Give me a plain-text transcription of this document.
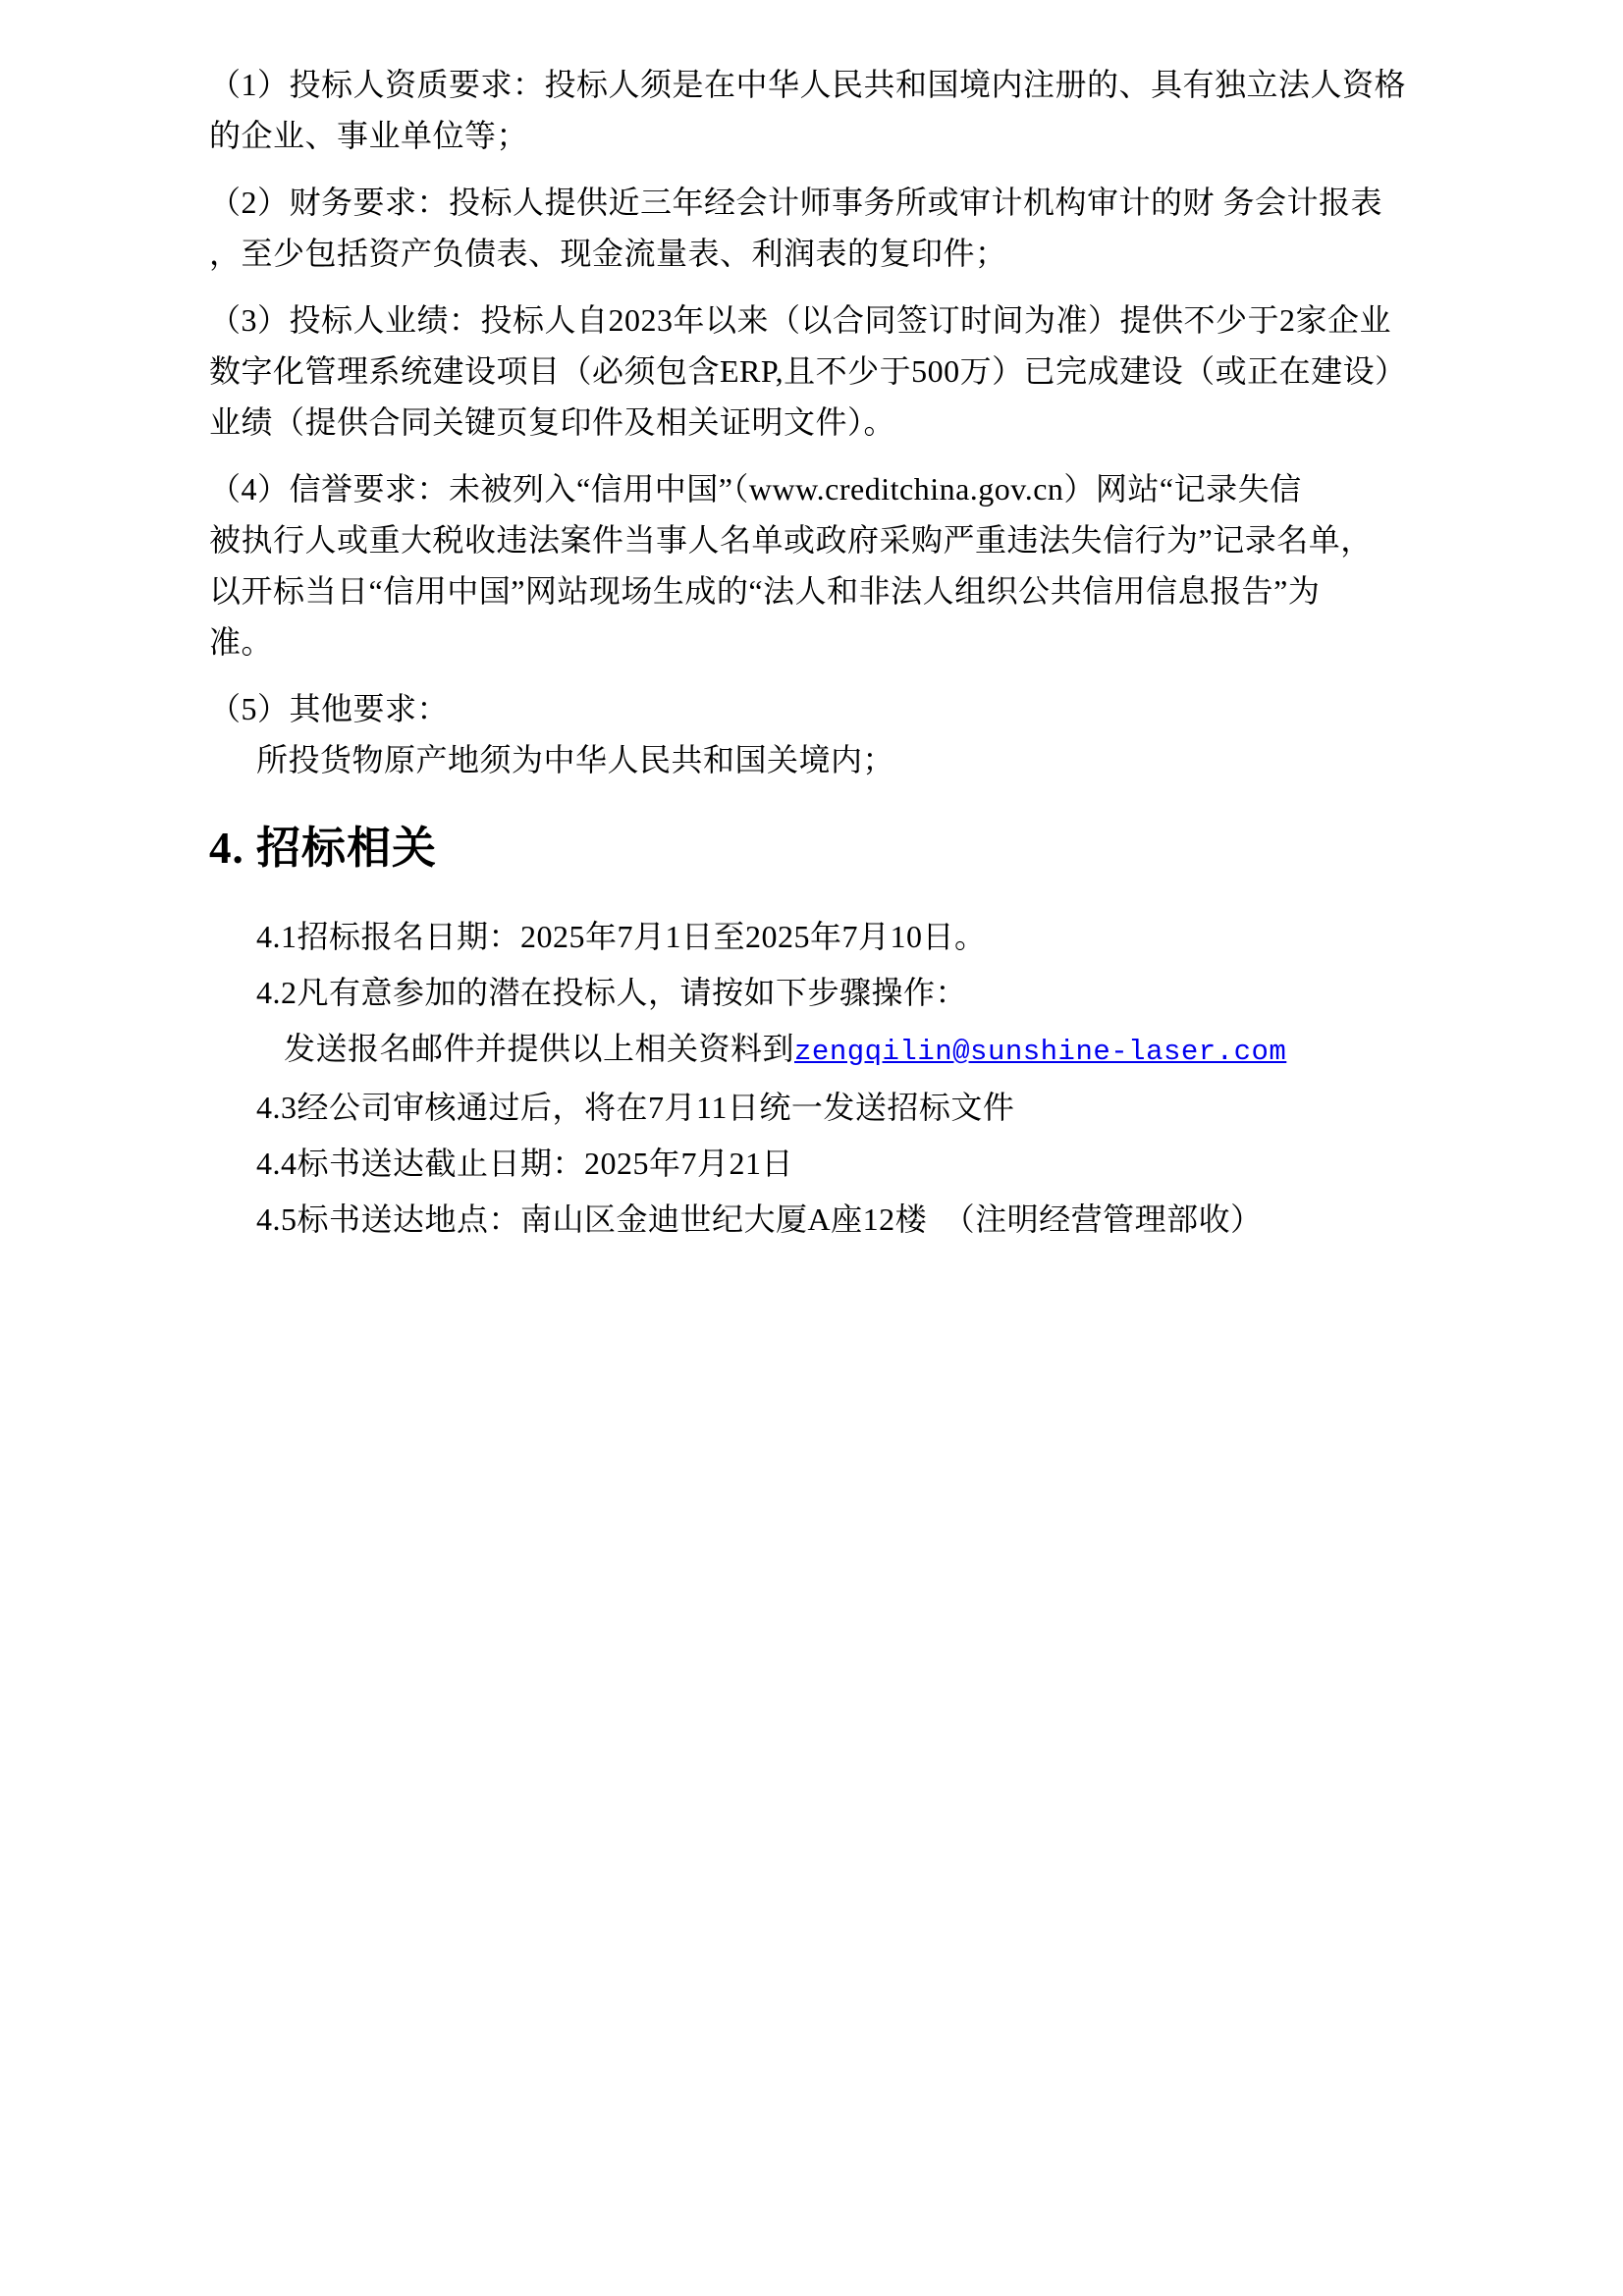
（1）投标人资质要求：投标人须是在中华人民共和国境内注册的、具有独立法人资格
的企业、事业单位等；

（2）财务要求：投标人提供近三年经会计师事务所或审计机构审计的财 务会计报表
，至少包括资产负债表、现金流量表、利润表的复印件；

（3）投标人业绩：投标人自2023年以来（以合同签订时间为准）提供不少于2家企业
数字化管理系统建设项目（必须包含ERP,且不少于500万）已完成建设（或正在建设）
业绩（提供合同关键页复印件及相关证明文件）。

（4）信誉要求：未被列入“信用中国”（www.creditchina.gov.cn）网站“记录失信
被执行人或重大税收违法案件当事人名单或政府采购严重违法失信行为”记录名单，
以开标当日“信用中国”网站现场生成的“法人和非法人组织公共信用信息报告”为
准。

（5）其他要求：
所投货物原产地须为中华人民共和国关境内；

4. 招标相关
4.1招标报名日期：2025年7月1日至2025年7月10日。
4.2凡有意参加的潜在投标人，请按如下步骤操作：
发送报名邮件并提供以上相关资料到zengqilin@sunshine-laser.com
4.3经公司审核通过后，将在7月11日统一发送招标文件
4.4标书送达截止日期：2025年7月21日
4.5标书送达地点：南山区金迪世纪大厦A座12楼　（注明经营管理部收）
